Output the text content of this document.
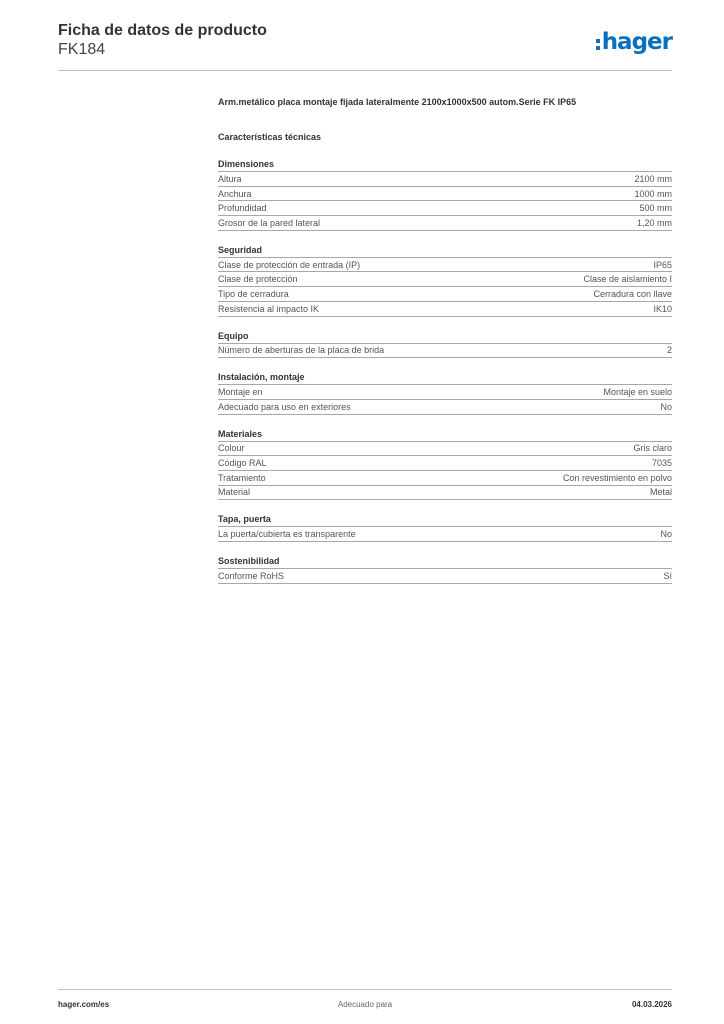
Ficha de datos de producto
FK184	hager
Arm.metálico placa montaje fijada lateralmente 2100x1000x500 autom.Serie FK IP65
Características técnicas
Dimensiones
Altura	2100 mm
Anchura	1000 mm
Profundidad	500 mm
Grosor de la pared lateral	1,20 mm
Seguridad
Clase de protección de entrada (IP)	IP65
Clase de protección	Clase de aislamiento I
Tipo de cerradura	Cerradura con llave
Resistencia al impacto IK	IK10
Equipo
Número de aberturas de la placa de brida	2
Instalación, montaje
Montaje en	Montaje en suelo
Adecuado para uso en exteriores	No
Materiales
Colour	Gris claro
Código RAL	7035
Tratamiento	Con revestimiento en polvo
Material	Metal
Tapa, puerta
La puerta/cubierta es transparente	No
Sostenibilidad
Conforme RoHS	Sí
hager.com/es	Adecuado para	04.03.2026
